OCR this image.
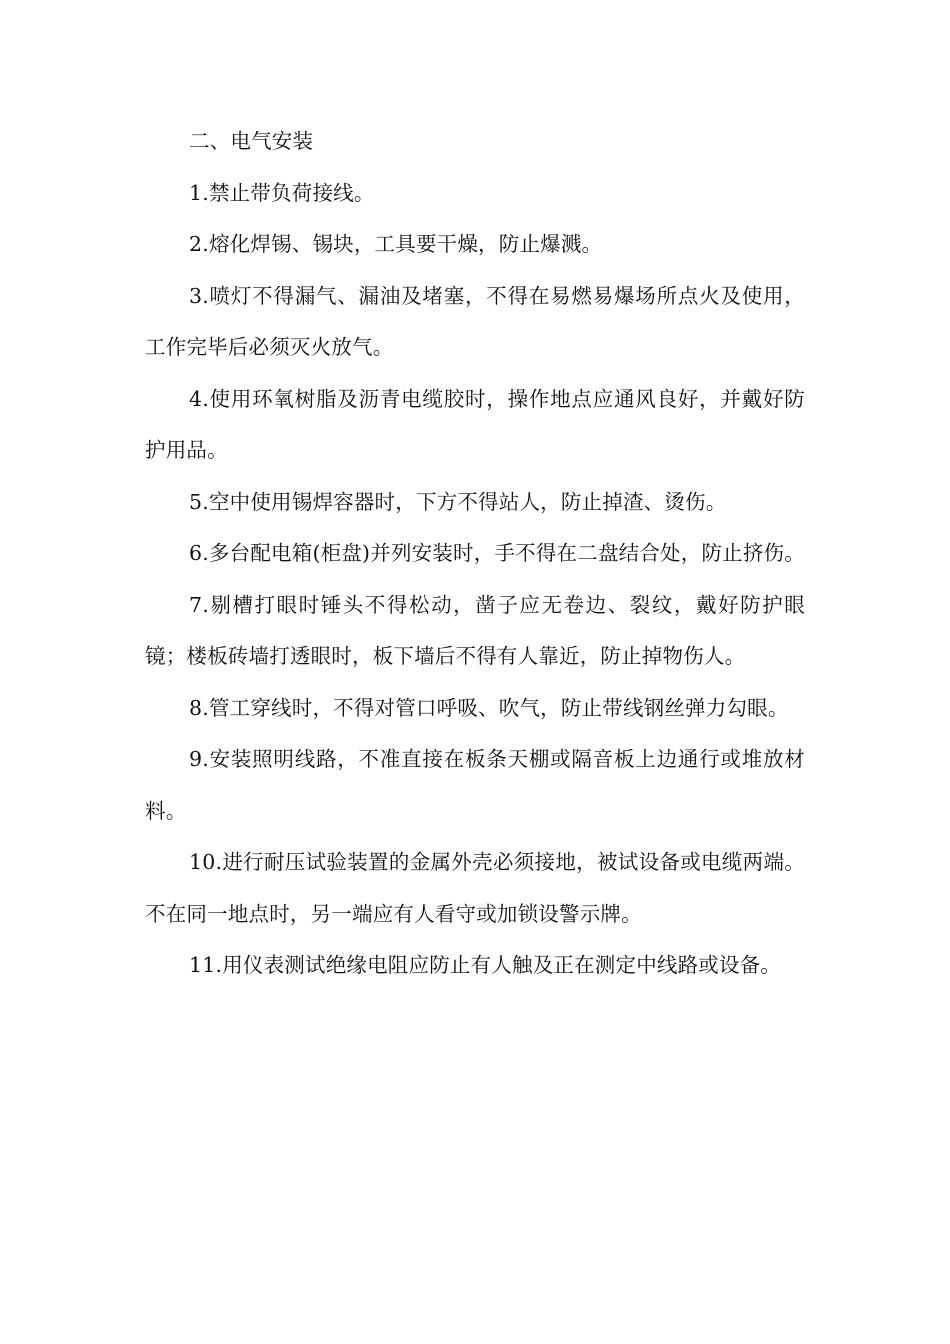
二、电气安装

1.禁止带负荷接线。

2.熔化焊锡、锡块，工具要干燥，防止爆溅。

3.喷灯不得漏气、漏油及堵塞，不得在易燃易爆场所点火及使用，工作完毕后必须灭火放气。

4.使用环氧树脂及沥青电缆胶时，操作地点应通风良好，并戴好防护用品。

5.空中使用锡焊容器时，下方不得站人，防止掉渣、烫伤。

6.多台配电箱(柜盘)并列安装时，手不得在二盘结合处，防止挤伤。

7.剔槽打眼时锤头不得松动，凿子应无卷边、裂纹，戴好防护眼镜；楼板砖墙打透眼时，板下墙后不得有人靠近，防止掉物伤人。

8.管工穿线时，不得对管口呼吸、吹气，防止带线钢丝弹力勾眼。

9.安装照明线路，不准直接在板条天棚或隔音板上边通行或堆放材料。

10.进行耐压试验装置的金属外壳必须接地，被试设备或电缆两端。不在同一地点时，另一端应有人看守或加锁设警示牌。

11.用仪表测试绝缘电阻应防止有人触及正在测定中线路或设备。
